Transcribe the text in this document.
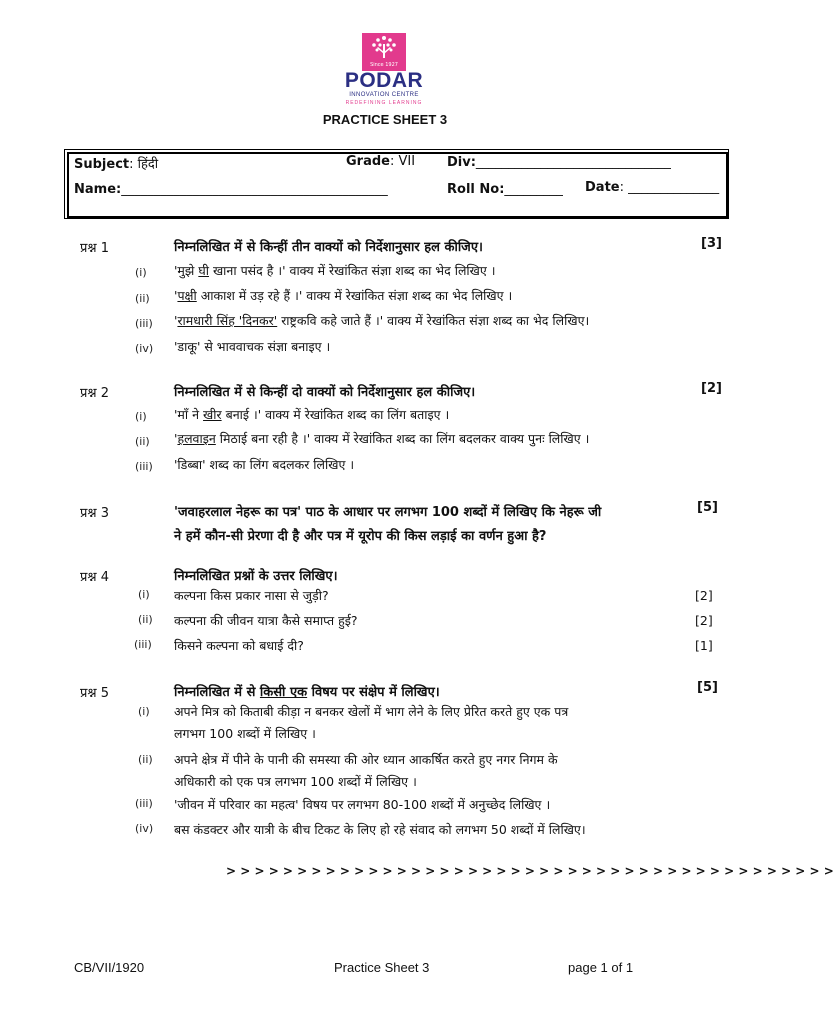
Since 1927
PODAR
INNOVATION CENTRE
REDEFINING LEARNING
PRACTICE SHEET 3
Subject: हिंदी	Grade: VII Div:______________________________
Name:_________________________________________	Roll No:_________ Date: ______________
प्रश्न 1	निम्नलिखित में से किन्हीं तीन वाक्यों को निर्देशानुसार हल कीजिए।	[3]
(i) 'मुझे घी खाना पसंद है ।' वाक्य में रेखांकित संज्ञा शब्द का भेद लिखिए ।
(ii) 'पक्षी आकाश में उड़ रहे हैं ।' वाक्य में रेखांकित संज्ञा शब्द का भेद लिखिए ।
(iii) 'रामधारी सिंह 'दिनकर' राष्ट्रकवि कहे जाते हैं ।' वाक्य में रेखांकित संज्ञा शब्द का भेद लिखिए।
(iv) 'डाकू' से भाववाचक संज्ञा बनाइए ।
प्रश्न 2	निम्नलिखित में से किन्हीं दो वाक्यों को निर्देशानुसार हल कीजिए।	[2]
(i) 'माँ ने खीर बनाई ।' वाक्य में रेखांकित शब्द का लिंग बताइए ।
(ii) 'हलवाइन मिठाई बना रही है ।' वाक्य में रेखांकित शब्द का लिंग बदलकर वाक्य पुनः लिखिए ।
(iii) 'डिब्बा' शब्द का लिंग बदलकर लिखिए ।
प्रश्न 3	'जवाहरलाल नेहरू का पत्र' पाठ के आधार पर लगभग 100 शब्दों में लिखिए कि नेहरू जी
ने हमें कौन-सी प्रेरणा दी है और पत्र में यूरोप की किस लड़ाई का वर्णन हुआ है?
[5]
प्रश्न 4	निम्नलिखित प्रश्नों के उत्तर लिखिए।
(i) कल्पना किस प्रकार नासा से जुड़ी?	[2]
(ii) कल्पना की जीवन यात्रा कैसे समाप्त हुई?	[2]
(iii) किसने कल्पना को बधाई दी?	[1]
प्रश्न 5	निम्नलिखित में से किसी एक विषय पर संक्षेप में लिखिए।	[5]
(i) अपने मित्र को किताबी कीड़ा न बनकर खेलों में भाग लेने के लिए प्रेरित करते हुए एक पत्र
लगभग 100 शब्दों में लिखिए ।
(ii) अपने क्षेत्र में पीने के पानी की समस्या की ओर ध्यान आकर्षित करते हुए नगर निगम के
अधिकारी को एक पत्र लगभग 100 शब्दों में लिखिए ।
(iii) 'जीवन में परिवार का महत्व' विषय पर लगभग 80-100 शब्दों में अनुच्छेद लिखिए ।
(iv) बस कंडक्टर और यात्री के बीच टिकट के लिए हो रहे संवाद को लगभग 50 शब्दों में लिखिए।
> > > > > > > > > > > > > > > > > > > > > > > > > > > > > > > > > > > > > > > > > > >
CB/VII/1920	Practice Sheet 3	page 1 of 1
